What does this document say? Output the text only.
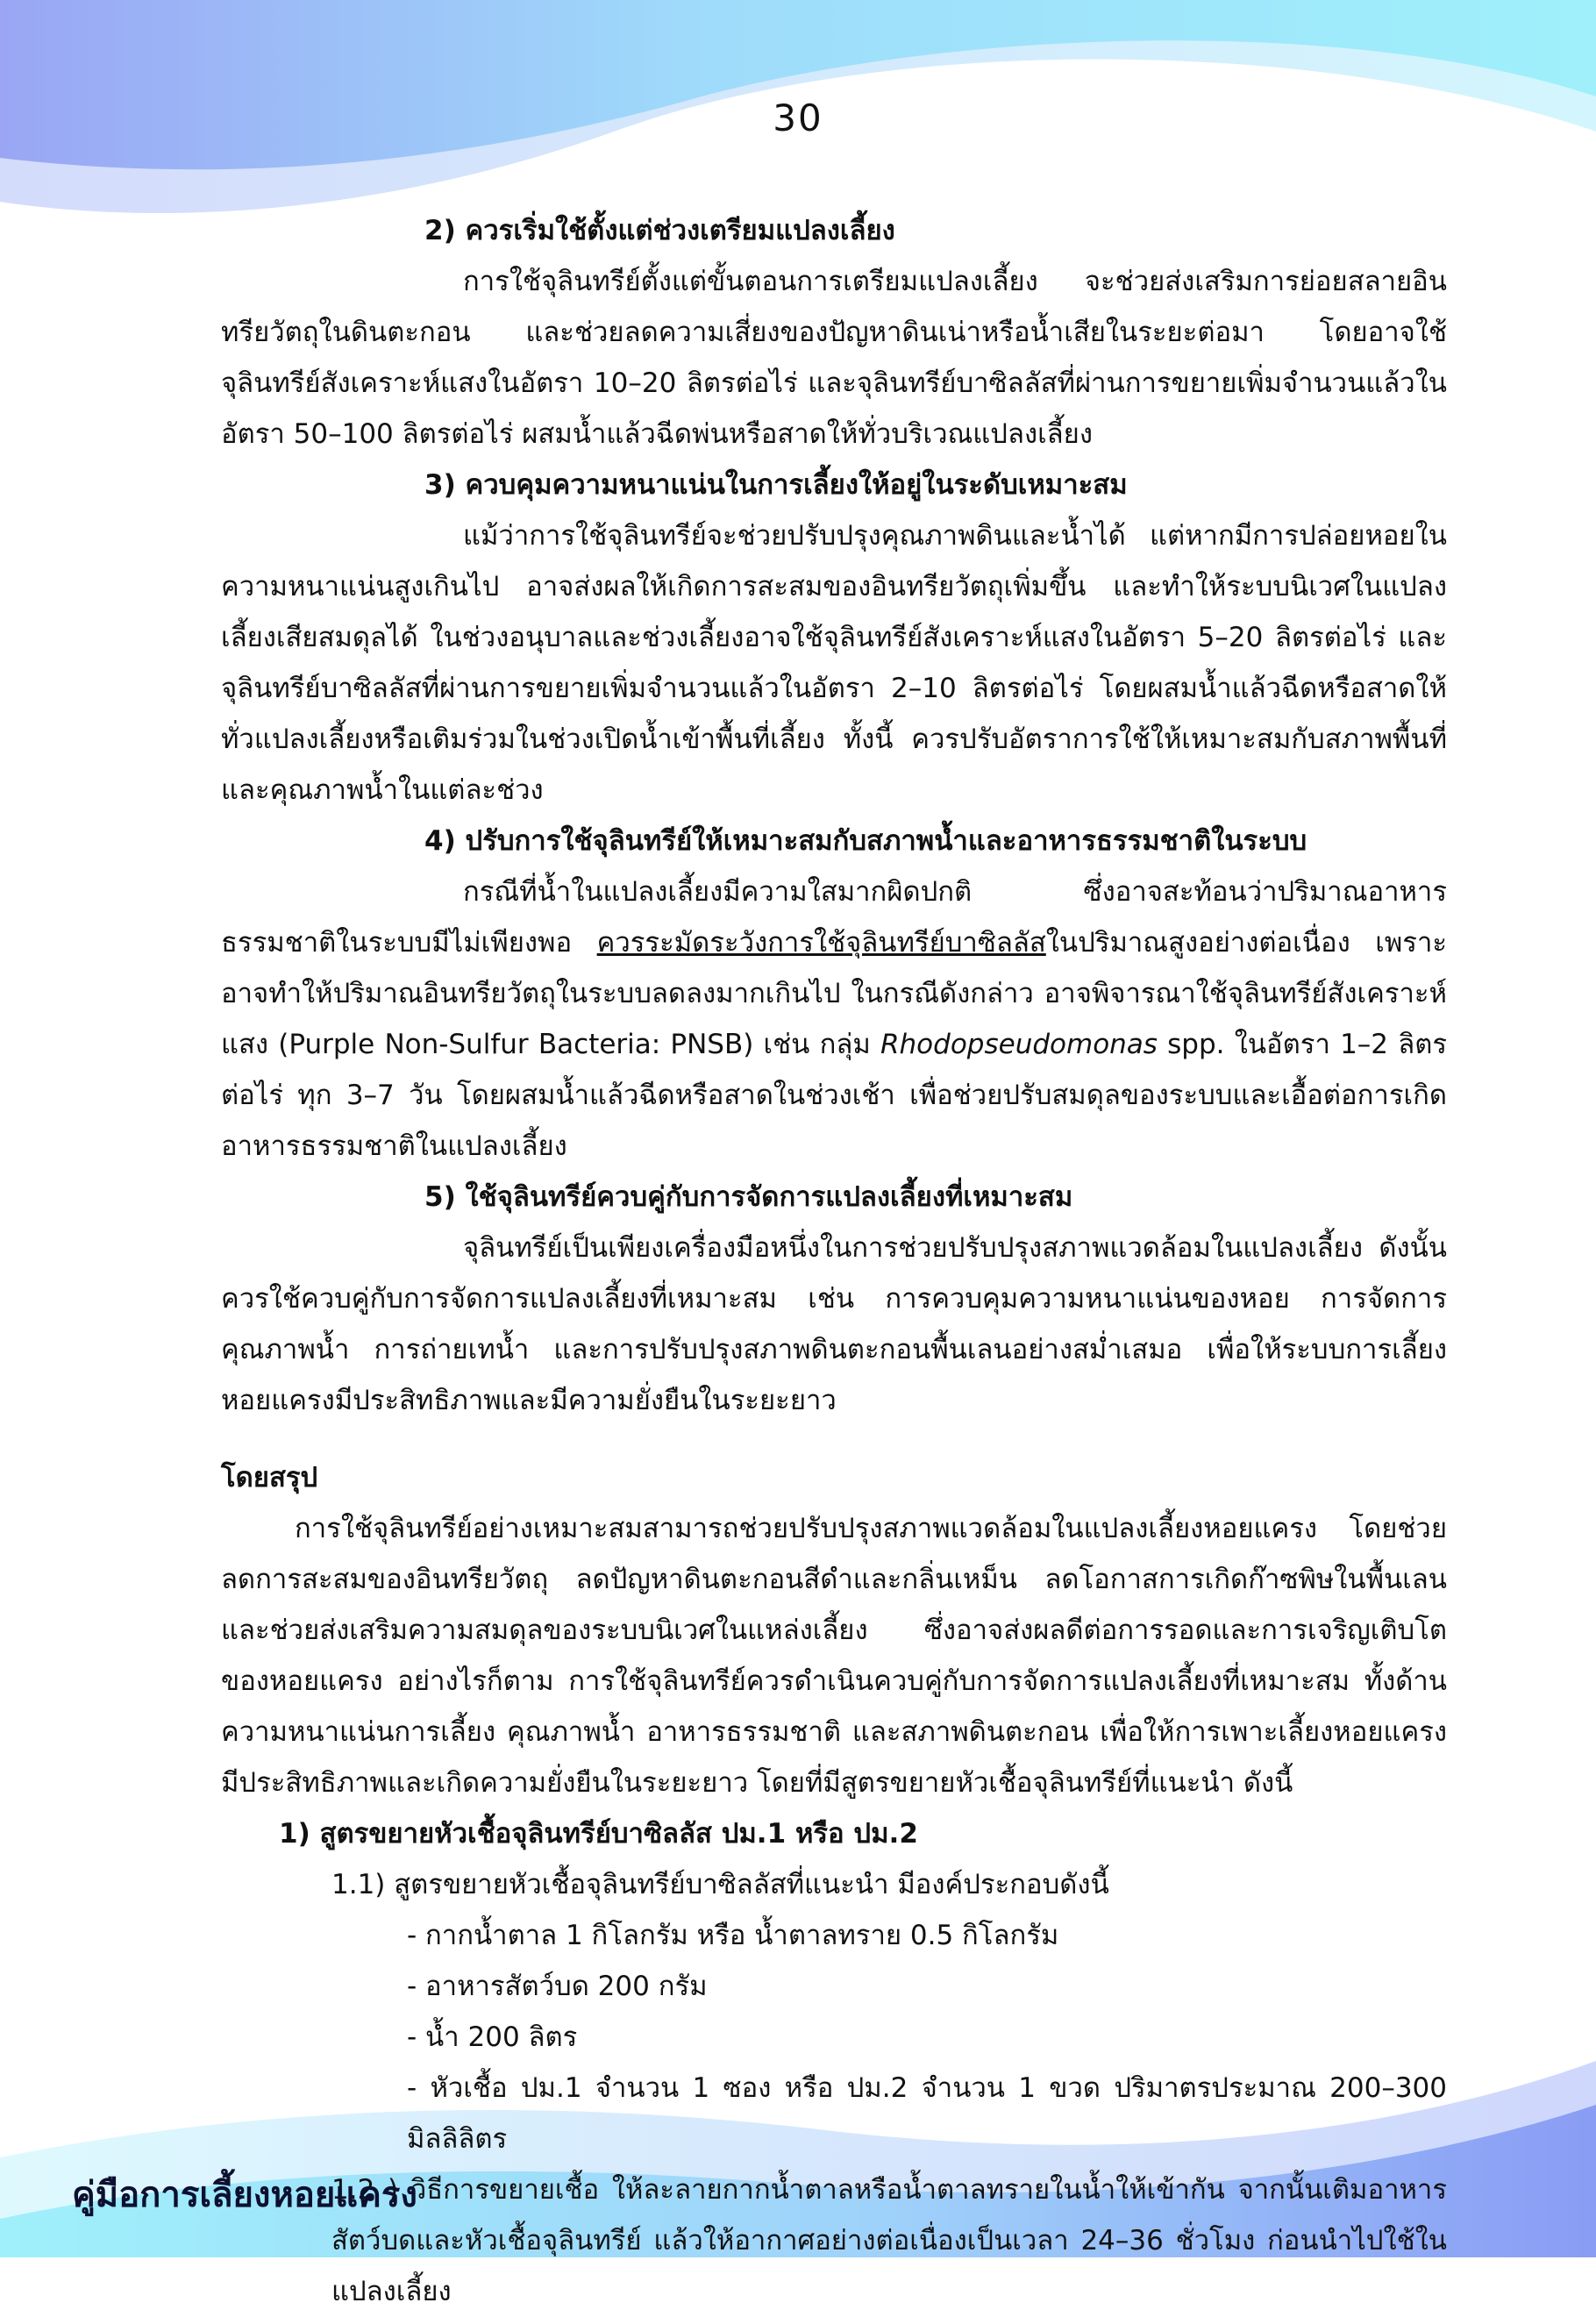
30

2) ควรเริ่มใช้ตั้งแต่ช่วงเตรียมแปลงเลี้ยง

การใช้จุลินทรีย์ตั้งแต่ขั้นตอนการเตรียมแปลงเลี้ยง จะช่วยส่งเสริมการย่อยสลายอินทรียวัตถุในดินตะกอน และช่วยลดความเสี่ยงของปัญหาดินเน่าหรือน้ำเสียในระยะต่อมา โดยอาจใช้จุลินทรีย์สังเคราะห์แสงในอัตรา 10–20 ลิตรต่อไร่ และจุลินทรีย์บาซิลลัสที่ผ่านการขยายเพิ่มจำนวนแล้วในอัตรา 50–100 ลิตรต่อไร่ ผสมน้ำแล้วฉีดพ่นหรือสาดให้ทั่วบริเวณแปลงเลี้ยง

3) ควบคุมความหนาแน่นในการเลี้ยงให้อยู่ในระดับเหมาะสม

แม้ว่าการใช้จุลินทรีย์จะช่วยปรับปรุงคุณภาพดินและน้ำได้ แต่หากมีการปล่อยหอยในความหนาแน่นสูงเกินไป อาจส่งผลให้เกิดการสะสมของอินทรียวัตถุเพิ่มขึ้น และทำให้ระบบนิเวศในแปลงเลี้ยงเสียสมดุลได้ ในช่วงอนุบาลและช่วงเลี้ยงอาจใช้จุลินทรีย์สังเคราะห์แสงในอัตรา 5–20 ลิตรต่อไร่ และจุลินทรีย์บาซิลลัสที่ผ่านการขยายเพิ่มจำนวนแล้วในอัตรา 2–10 ลิตรต่อไร่ โดยผสมน้ำแล้วฉีดหรือสาดให้ทั่วแปลงเลี้ยงหรือเติมร่วมในช่วงเปิดน้ำเข้าพื้นที่เลี้ยง ทั้งนี้ ควรปรับอัตราการใช้ให้เหมาะสมกับสภาพพื้นที่และคุณภาพน้ำในแต่ละช่วง

4) ปรับการใช้จุลินทรีย์ให้เหมาะสมกับสภาพน้ำและอาหารธรรมชาติในระบบ

กรณีที่น้ำในแปลงเลี้ยงมีความใสมากผิดปกติ ซึ่งอาจสะท้อนว่าปริมาณอาหารธรรมชาติในระบบมีไม่เพียงพอ ควรระมัดระวังการใช้จุลินทรีย์บาซิลลัสในปริมาณสูงอย่างต่อเนื่อง เพราะอาจทำให้ปริมาณอินทรียวัตถุในระบบลดลงมากเกินไป ในกรณีดังกล่าว อาจพิจารณาใช้จุลินทรีย์สังเคราะห์แสง (Purple Non-Sulfur Bacteria: PNSB) เช่น กลุ่ม Rhodopseudomonas spp. ในอัตรา 1–2 ลิตรต่อไร่ ทุก 3–7 วัน โดยผสมน้ำแล้วฉีดหรือสาดในช่วงเช้า เพื่อช่วยปรับสมดุลของระบบและเอื้อต่อการเกิดอาหารธรรมชาติในแปลงเลี้ยง

5) ใช้จุลินทรีย์ควบคู่กับการจัดการแปลงเลี้ยงที่เหมาะสม

จุลินทรีย์เป็นเพียงเครื่องมือหนึ่งในการช่วยปรับปรุงสภาพแวดล้อมในแปลงเลี้ยง ดังนั้นควรใช้ควบคู่กับการจัดการแปลงเลี้ยงที่เหมาะสม เช่น การควบคุมความหนาแน่นของหอย การจัดการคุณภาพน้ำ การถ่ายเทน้ำ และการปรับปรุงสภาพดินตะกอนพื้นเลนอย่างสม่ำเสมอ เพื่อให้ระบบการเลี้ยงหอยแครงมีประสิทธิภาพและมีความยั่งยืนในระยะยาว

โดยสรุป

การใช้จุลินทรีย์อย่างเหมาะสมสามารถช่วยปรับปรุงสภาพแวดล้อมในแปลงเลี้ยงหอยแครง โดยช่วยลดการสะสมของอินทรียวัตถุ ลดปัญหาดินตะกอนสีดำและกลิ่นเหม็น ลดโอกาสการเกิดก๊าซพิษในพื้นเลน และช่วยส่งเสริมความสมดุลของระบบนิเวศในแหล่งเลี้ยง ซึ่งอาจส่งผลดีต่อการรอดและการเจริญเติบโตของหอยแครง อย่างไรก็ตาม การใช้จุลินทรีย์ควรดำเนินควบคู่กับการจัดการแปลงเลี้ยงที่เหมาะสม ทั้งด้านความหนาแน่นการเลี้ยง คุณภาพน้ำ อาหารธรรมชาติ และสภาพดินตะกอน เพื่อให้การเพาะเลี้ยงหอยแครงมีประสิทธิภาพและเกิดความยั่งยืนในระยะยาว โดยที่มีสูตรขยายหัวเชื้อจุลินทรีย์ที่แนะนำ ดังนี้

1) สูตรขยายหัวเชื้อจุลินทรีย์บาซิลลัส ปม.1 หรือ ปม.2

1.1) สูตรขยายหัวเชื้อจุลินทรีย์บาซิลลัสที่แนะนำ มีองค์ประกอบดังนี้

- กากน้ำตาล 1 กิโลกรัม หรือ น้ำตาลทราย 0.5 กิโลกรัม

- อาหารสัตว์บด 200 กรัม

- น้ำ 200 ลิตร

- หัวเชื้อ ปม.1 จำนวน 1 ซอง หรือ ปม.2 จำนวน 1 ขวด ปริมาตรประมาณ 200–300 มิลลิลิตร

1.2 ) วิธีการขยายเชื้อ ให้ละลายกากน้ำตาลหรือน้ำตาลทรายในน้ำให้เข้ากัน จากนั้นเติมอาหารสัตว์บดและหัวเชื้อจุลินทรีย์ แล้วให้อากาศอย่างต่อเนื่องเป็นเวลา 24–36 ชั่วโมง ก่อนนำไปใช้ในแปลงเลี้ยง

คู่มือการเลี้ยงหอยแครง
